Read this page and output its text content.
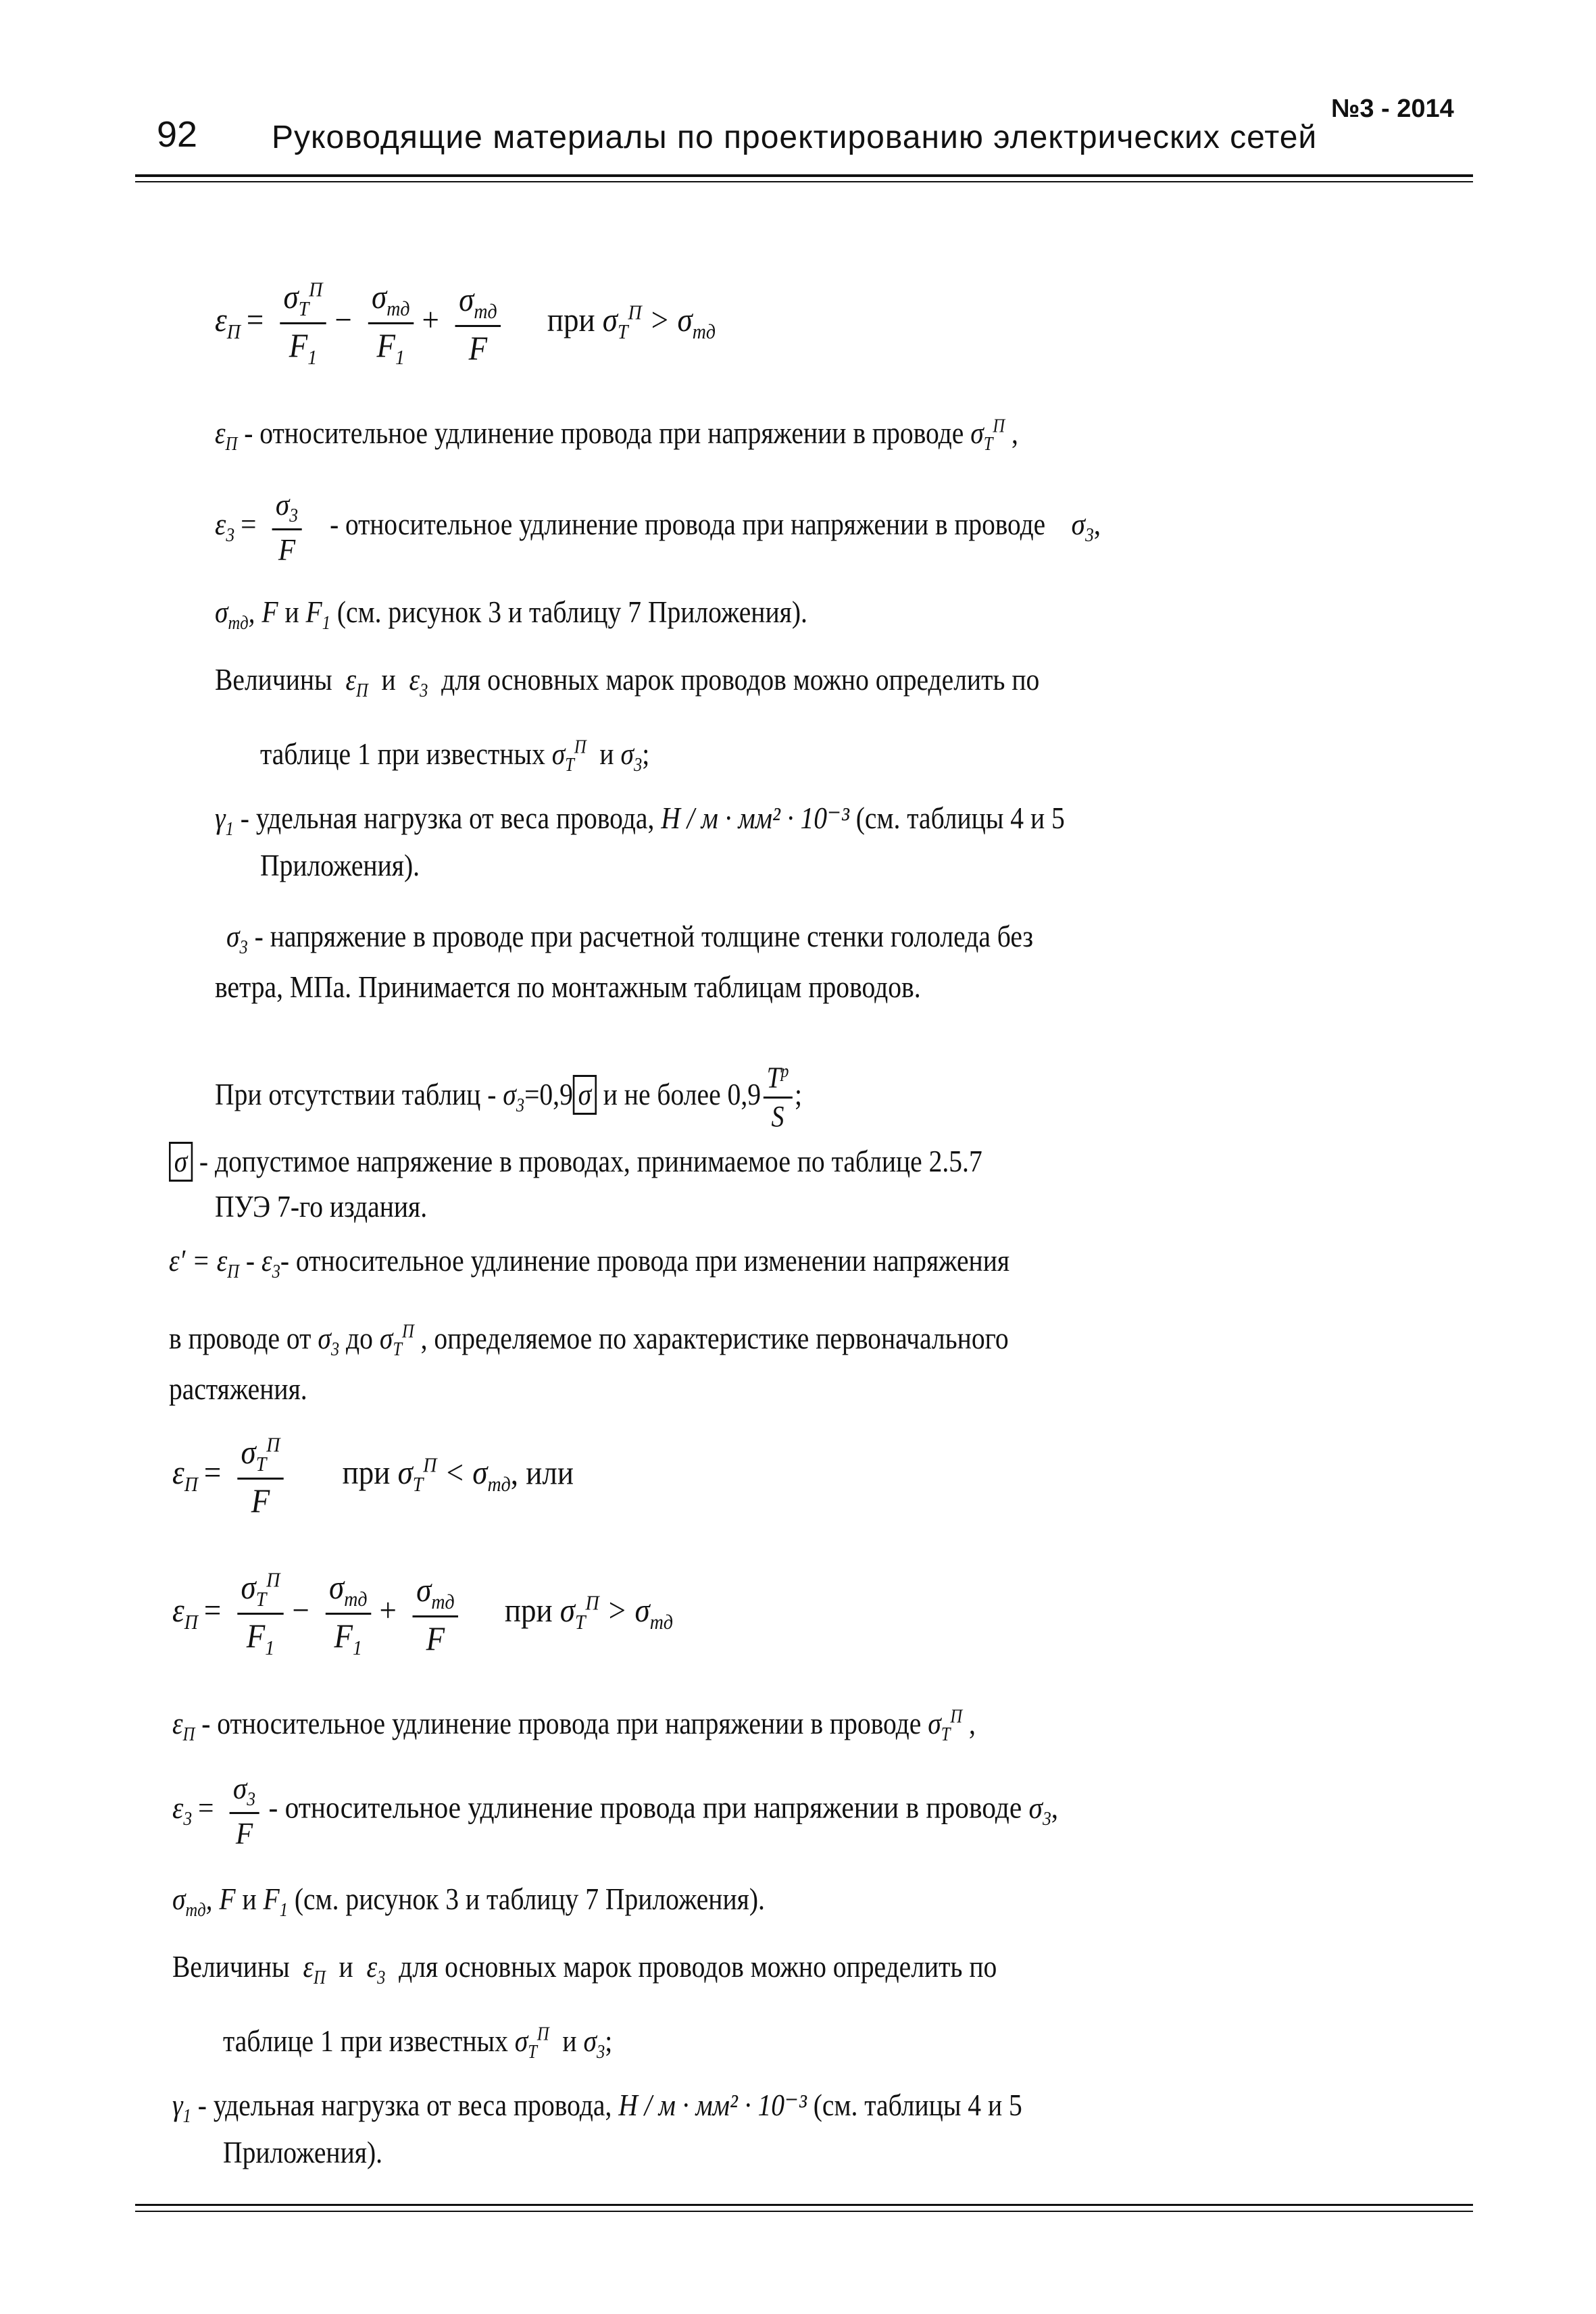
92 Руководящие материалы по проектированию электрических сетей
№3 - 2014
$\varepsilon_П = \frac{\sigma_T^П}{F_1} - \frac{\sigma_{тд}}{F_1} + \frac{\sigma_{тд}}{F}$ при $\sigma_T^П > \sigma_{тд}$
$\varepsilon_П$ - относительное удлинение провода при напряжении в проводе $\sigma_T^П$ ,
$\varepsilon_3 = \frac{\sigma_3}{F}$ - относительное удлинение провода при напряжении в проводе $\sigma_3$,
$\sigma_{тд}$, F и $F_1$ (см. рисунок 3 и таблицу 7 Приложения).
Величины $\varepsilon_П$ и $\varepsilon_3$ для основных марок проводов можно определить по
таблице 1 при известных $\sigma_T^П$ и $\sigma_3$;
$\gamma_1$ - удельная нагрузка от веса провода, Н / м · мм² · 10⁻³ (см. таблицы 4 и 5
Приложения).
$\sigma_3$ - напряжение в проводе при расчетной толщине стенки гололеда без
ветра, МПа. Принимается по монтажным таблицам проводов.
При отсутствии таблиц - $\sigma_3=0,9$ σ и не более $0,9 \frac{T^р}{S}$ ;
σ - допустимое напряжение в проводах, принимаемое по таблице 2.5.7
ПУЭ 7-го издания.
$\varepsilon' = \varepsilon_П - \varepsilon_3-$ относительное удлинение провода при изменении напряжения
в проводе от $\sigma_3$ до $\sigma_T^П$ , определяемое по характеристике первоначального
растяжения.
$\varepsilon_П = \frac{\sigma_T^П}{F}$ при $\sigma_T^П < \sigma_{тд}$, или
$\varepsilon_П = \frac{\sigma_T^П}{F_1} - \frac{\sigma_{тд}}{F_1} + \frac{\sigma_{тд}}{F}$ при $\sigma_T^П > \sigma_{тд}$
$\varepsilon_П$ - относительное удлинение провода при напряжении в проводе $\sigma_T^П$ ,
$\varepsilon_3 = \frac{\sigma_3}{F}$ - относительное удлинение провода при напряжении в проводе $\sigma_3$,
$\sigma_{тд}$, F и $F_1$ (см. рисунок 3 и таблицу 7 Приложения).
Величины $\varepsilon_П$ и $\varepsilon_3$ для основных марок проводов можно определить по
таблице 1 при известных $\sigma_T^П$ и $\sigma_3$;
$\gamma_1$ - удельная нагрузка от веса провода, Н / м · мм² · 10⁻³ (см. таблицы 4 и 5
Приложения).
